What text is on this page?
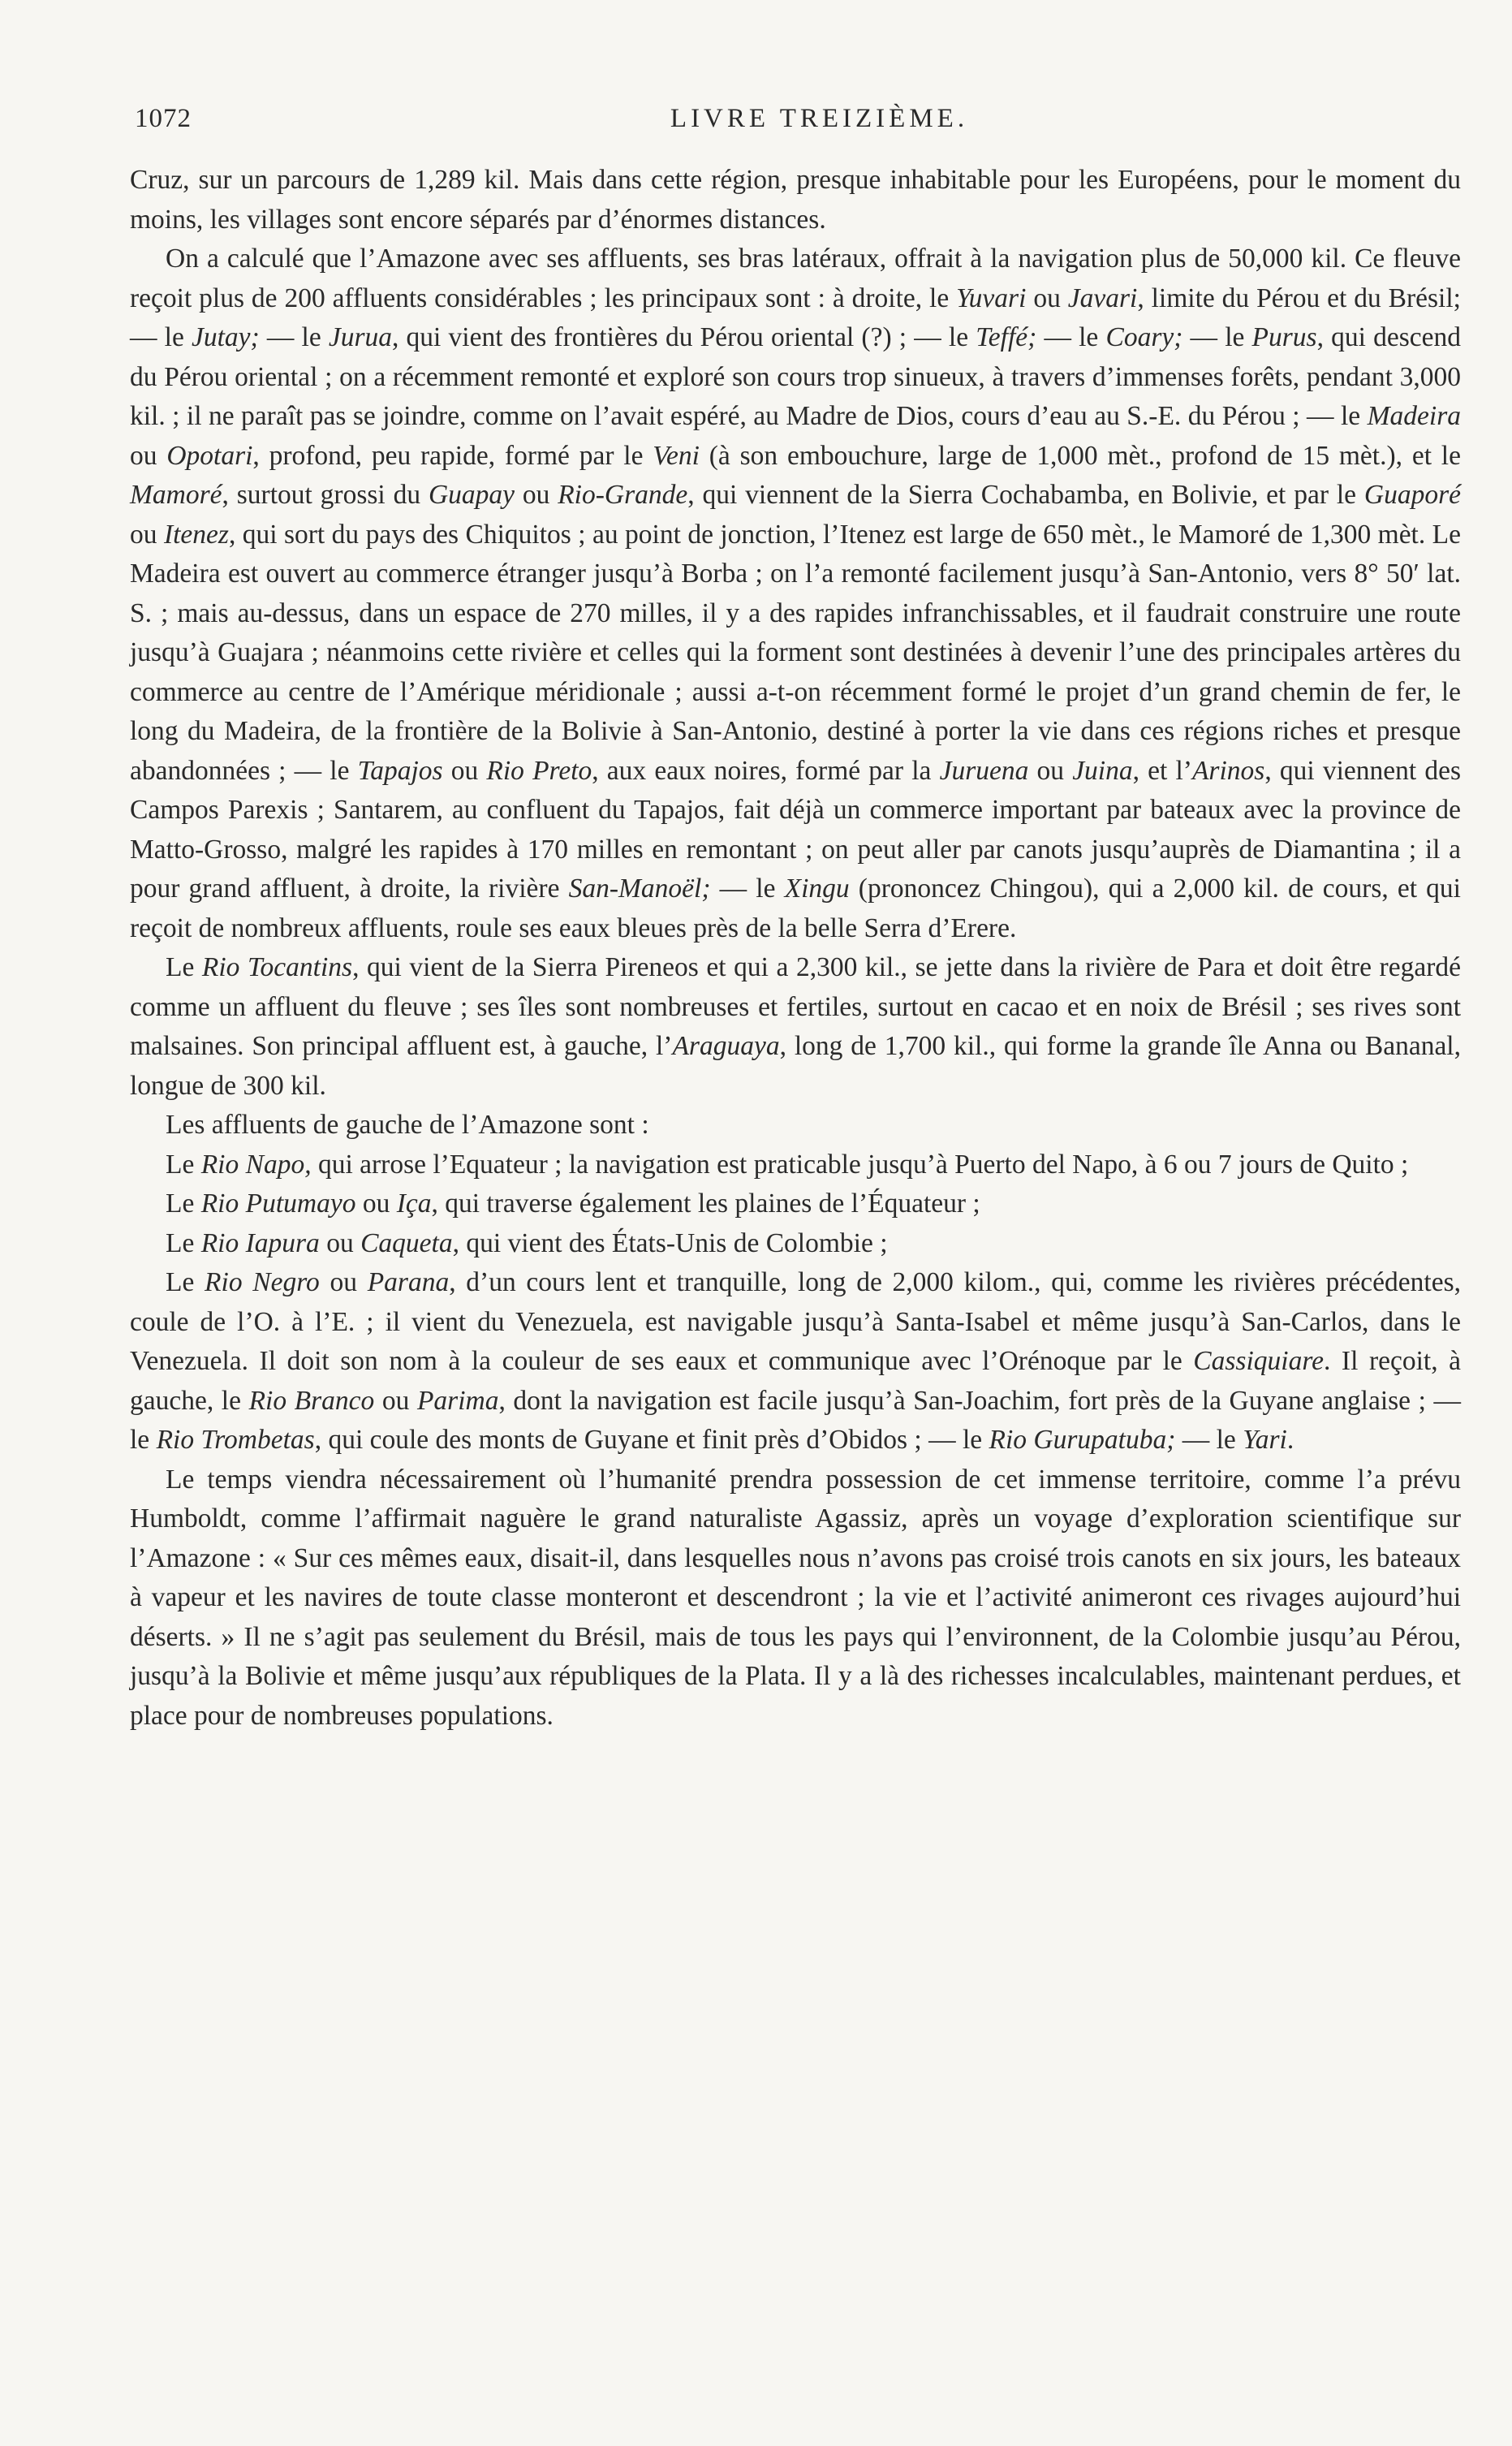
1072	LIVRE TREIZIÈME.

Cruz, sur un parcours de 1,289 kil. Mais dans cette région, presque inhabitable pour les Européens, pour le moment du moins, les villages sont encore séparés par d’énormes distances.

On a calculé que l’Amazone avec ses affluents, ses bras latéraux, offrait à la navigation plus de 50,000 kil. Ce fleuve reçoit plus de 200 affluents considérables ; les principaux sont : à droite, le Yuvari ou Javari, limite du Pérou et du Brésil; — le Jutay; — le Jurua, qui vient des frontières du Pérou oriental (?) ; — le Teffé; — le Coary; — le Purus, qui descend du Pérou oriental ; on a récemment remonté et exploré son cours trop sinueux, à travers d’immenses forêts, pendant 3,000 kil. ; il ne paraît pas se joindre, comme on l’avait espéré, au Madre de Dios, cours d’eau au S.-E. du Pérou ; — le Madeira ou Opotari, profond, peu rapide, formé par le Veni (à son embouchure, large de 1,000 mèt., profond de 15 mèt.), et le Mamoré, surtout grossi du Guapay ou Rio-Grande, qui viennent de la Sierra Cochabamba, en Bolivie, et par le Guaporé ou Itenez, qui sort du pays des Chiquitos ; au point de jonction, l’Itenez est large de 650 mèt., le Mamoré de 1,300 mèt. Le Madeira est ouvert au commerce étranger jusqu’à Borba ; on l’a remonté facilement jusqu’à San-Antonio, vers 8° 50′ lat. S. ; mais au-dessus, dans un espace de 270 milles, il y a des rapides infranchissables, et il faudrait construire une route jusqu’à Guajara ; néanmoins cette rivière et celles qui la forment sont destinées à devenir l’une des principales artères du commerce au centre de l’Amérique méridionale ; aussi a-t-on récemment formé le projet d’un grand chemin de fer, le long du Madeira, de la frontière de la Bolivie à San-Antonio, destiné à porter la vie dans ces régions riches et presque abandonnées ; — le Tapajos ou Rio Preto, aux eaux noires, formé par la Juruena ou Juina, et l’Arinos, qui viennent des Campos Parexis ; Santarem, au confluent du Tapajos, fait déjà un commerce important par bateaux avec la province de Matto-Grosso, malgré les rapides à 170 milles en remontant ; on peut aller par canots jusqu’auprès de Diamantina ; il a pour grand affluent, à droite, la rivière San-Manoël; — le Xingu (prononcez Chingou), qui a 2,000 kil. de cours, et qui reçoit de nombreux affluents, roule ses eaux bleues près de la belle Serra d’Erere.

Le Rio Tocantins, qui vient de la Sierra Pireneos et qui a 2,300 kil., se jette dans la rivière de Para et doit être regardé comme un affluent du fleuve ; ses îles sont nombreuses et fertiles, surtout en cacao et en noix de Brésil ; ses rives sont malsaines. Son principal affluent est, à gauche, l’Araguaya, long de 1,700 kil., qui forme la grande île Anna ou Bananal, longue de 300 kil.

Les affluents de gauche de l’Amazone sont :

Le Rio Napo, qui arrose l’Equateur ; la navigation est praticable jusqu’à Puerto del Napo, à 6 ou 7 jours de Quito ;

Le Rio Putumayo ou Iça, qui traverse également les plaines de l’Équateur ;

Le Rio Iapura ou Caqueta, qui vient des États-Unis de Colombie ;

Le Rio Negro ou Parana, d’un cours lent et tranquille, long de 2,000 kilom., qui, comme les rivières précédentes, coule de l’O. à l’E. ; il vient du Venezuela, est navigable jusqu’à Santa-Isabel et même jusqu’à San-Carlos, dans le Venezuela. Il doit son nom à la couleur de ses eaux et communique avec l’Orénoque par le Cassiquiare. Il reçoit, à gauche, le Rio Branco ou Parima, dont la navigation est facile jusqu’à San-Joachim, fort près de la Guyane anglaise ; — le Rio Trombetas, qui coule des monts de Guyane et finit près d’Obidos ; — le Rio Gurupatuba; — le Yari.

Le temps viendra nécessairement où l’humanité prendra possession de cet immense territoire, comme l’a prévu Humboldt, comme l’affirmait naguère le grand naturaliste Agassiz, après un voyage d’exploration scientifique sur l’Amazone : « Sur ces mêmes eaux, disait-il, dans lesquelles nous n’avons pas croisé trois canots en six jours, les bateaux à vapeur et les navires de toute classe monteront et descendront ; la vie et l’activité animeront ces rivages aujourd’hui déserts. » Il ne s’agit pas seulement du Brésil, mais de tous les pays qui l’environnent, de la Colombie jusqu’au Pérou, jusqu’à la Bolivie et même jusqu’aux républiques de la Plata. Il y a là des richesses incalculables, maintenant perdues, et place pour de nombreuses populations.
